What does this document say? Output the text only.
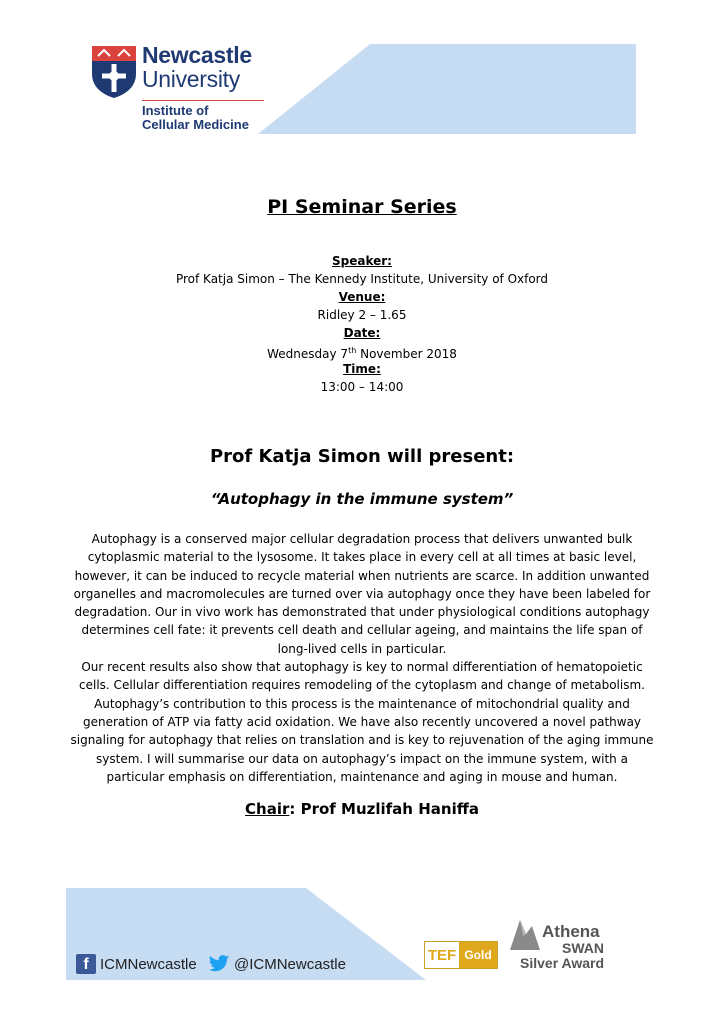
Newcastle
University
Institute of
Cellular Medicine
PI Seminar Series
Speaker:
Prof Katja Simon – The Kennedy Institute, University of Oxford
Venue:
Ridley 2 – 1.65
Date:
Wednesday 7th November 2018
Time:
13:00 – 14:00
Prof Katja Simon will present:
“Autophagy in the immune system”

Autophagy is a conserved major cellular degradation process that delivers unwanted bulk cytoplasmic material to the lysosome. It takes place in every cell at all times at basic level, however, it can be induced to recycle material when nutrients are scarce. In addition unwanted organelles and macromolecules are turned over via autophagy once they have been labeled for degradation. Our in vivo work has demonstrated that under physiological conditions autophagy determines cell fate: it prevents cell death and cellular ageing, and maintains the life span of long-lived cells in particular.

Our recent results also show that autophagy is key to normal differentiation of hematopoietic cells. Cellular differentiation requires remodeling of the cytoplasm and change of metabolism. Autophagy’s contribution to this process is the maintenance of mitochondrial quality and generation of ATP via fatty acid oxidation. We have also recently uncovered a novel pathway signaling for autophagy that relies on translation and is key to rejuvenation of the aging immune system. I will summarise our data on autophagy’s impact on the immune system, with a particular emphasis on differentiation, maintenance and aging in mouse and human.

Chair: Prof Muzlifah Haniffa
f ICMNewcastle @ICMNewcastle
TEF Gold
Athena
SWAN
Silver Award
